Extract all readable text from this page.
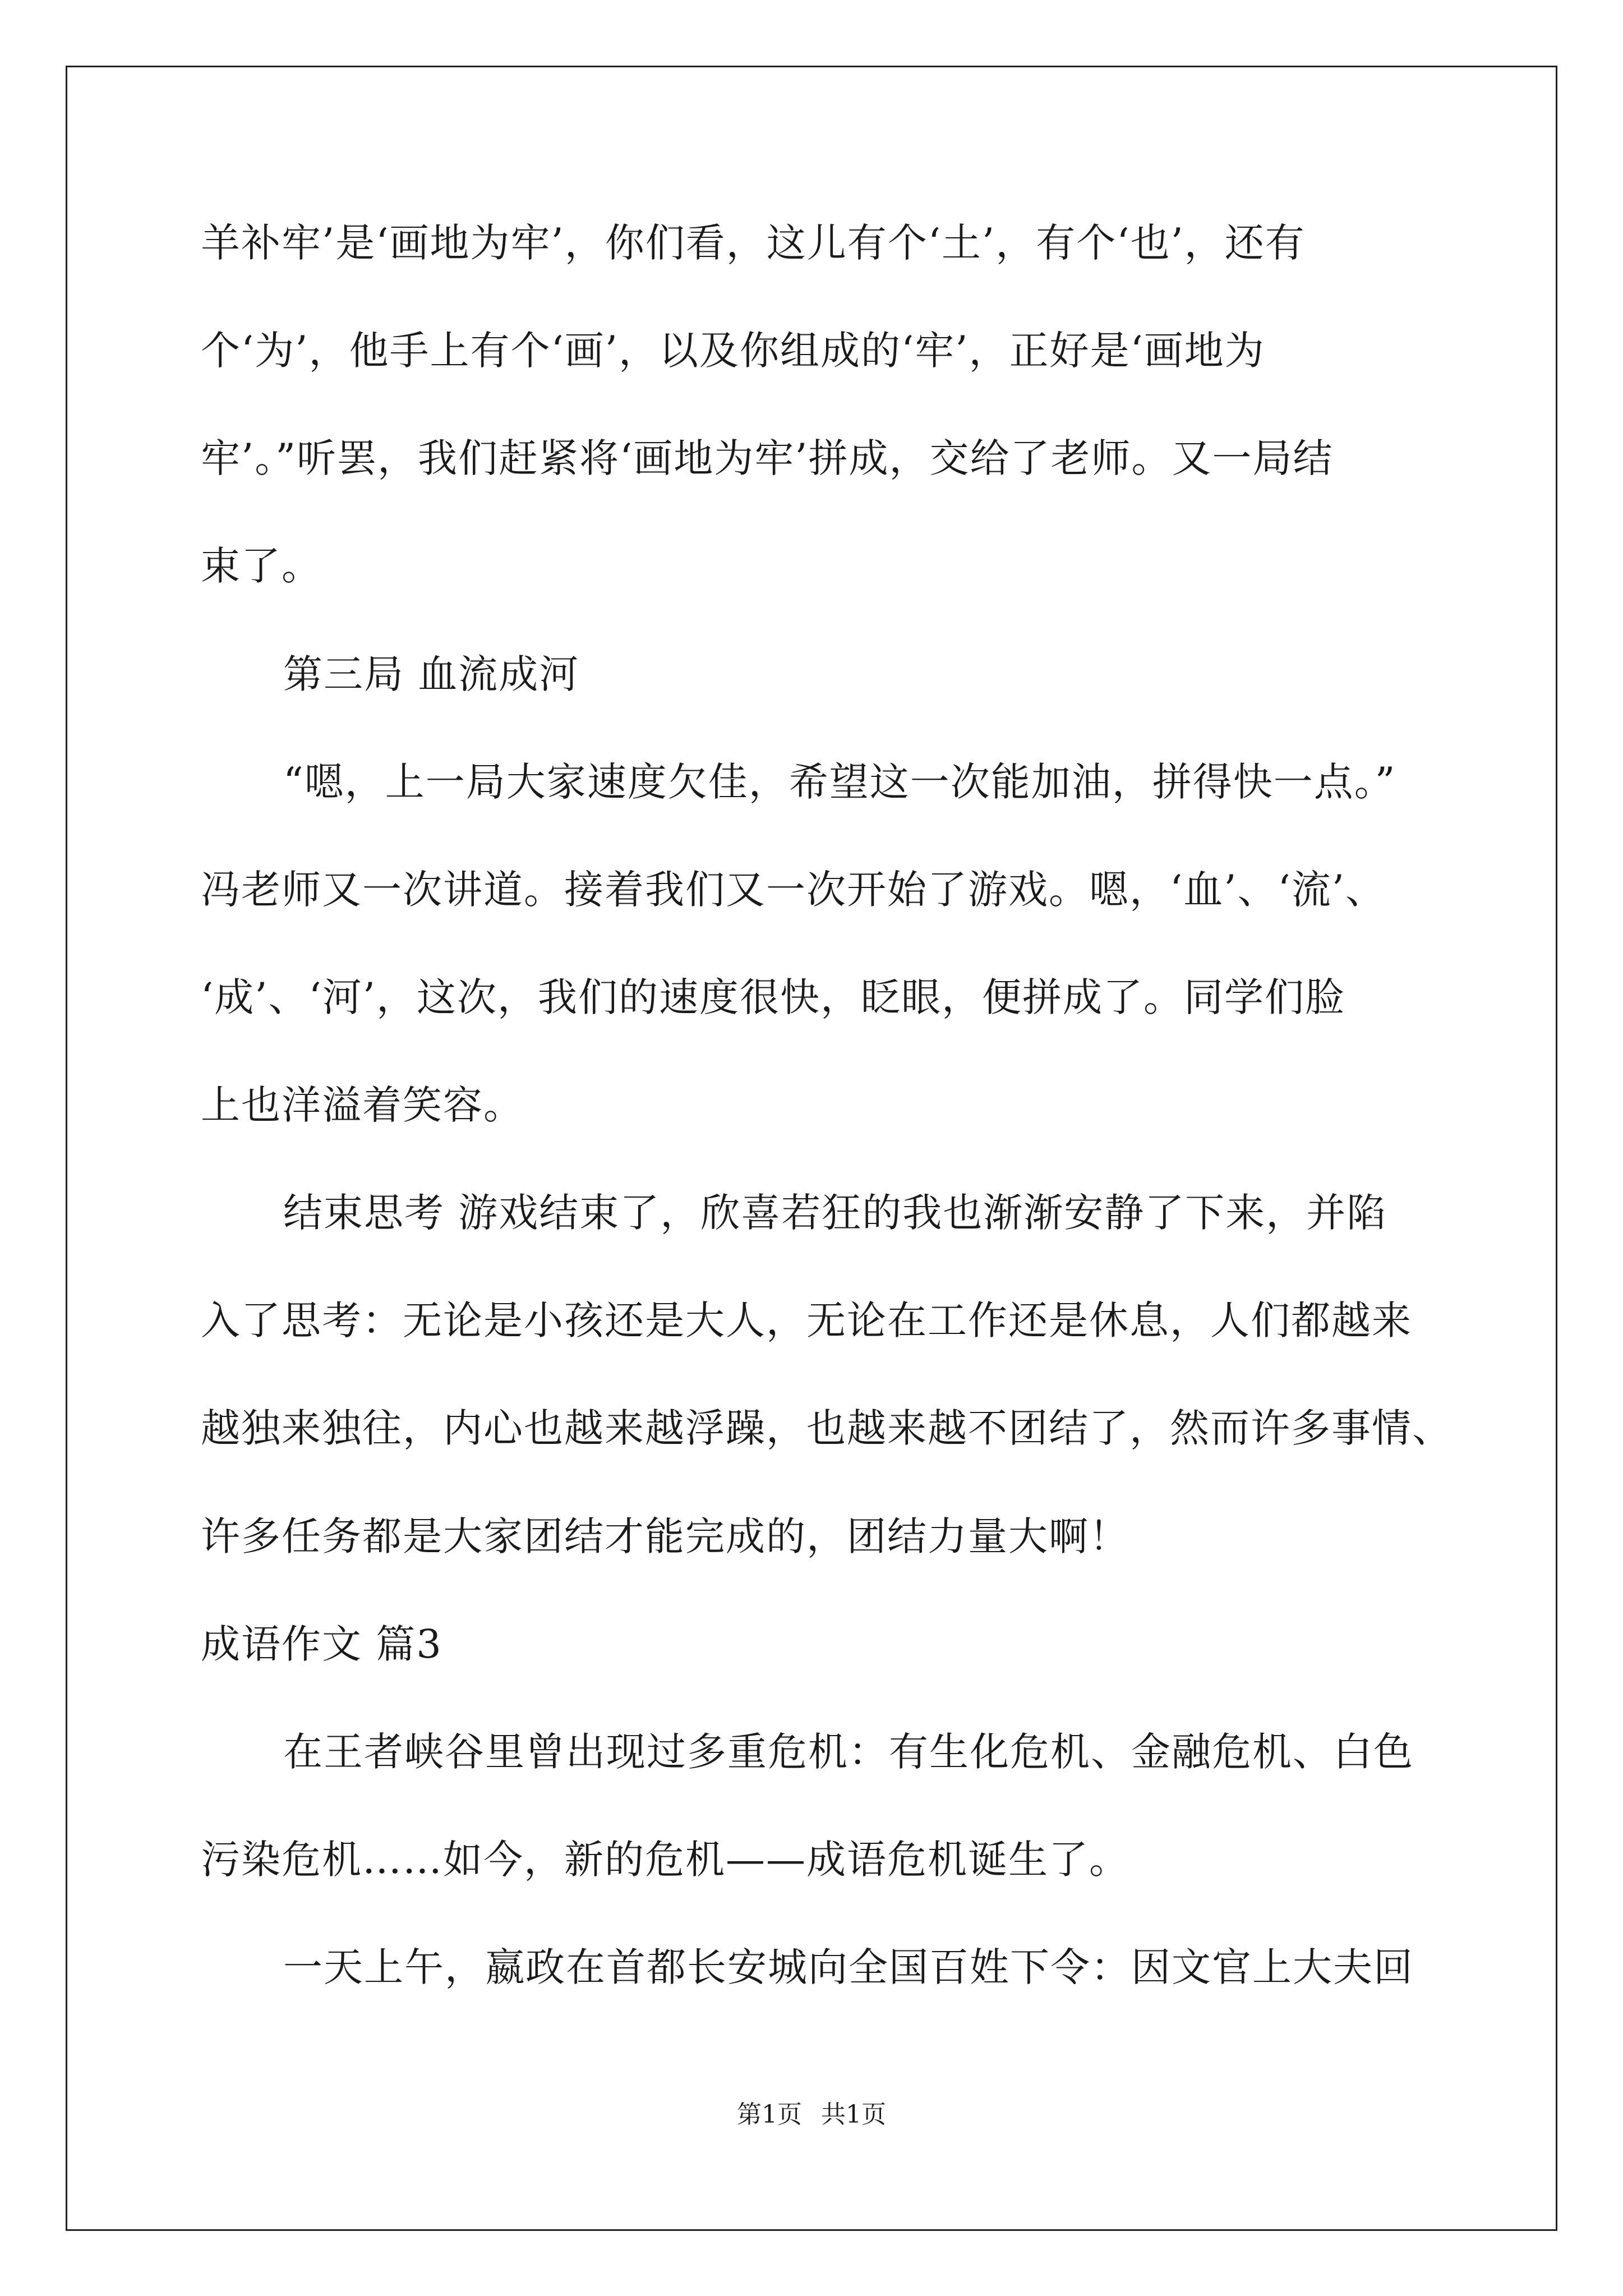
羊补牢’是‘画地为牢’，你们看，这儿有个‘土’，有个‘也’，还有
个‘为’，他手上有个‘画’，以及你组成的‘牢’，正好是‘画地为
牢’。”听罢，我们赶紧将‘画地为牢’拼成，交给了老师。又一局结
束了。
第三局 血流成河
“嗯，上一局大家速度欠佳，希望这一次能加油，拼得快一点。”
冯老师又一次讲道。接着我们又一次开始了游戏。嗯，‘血’、‘流’、
‘成’、‘河’，这次，我们的速度很快，眨眼，便拼成了。同学们脸
上也洋溢着笑容。
结束思考 游戏结束了，欣喜若狂的我也渐渐安静了下来，并陷
入了思考：无论是小孩还是大人，无论在工作还是休息，人们都越来
越独来独往，内心也越来越浮躁，也越来越不团结了，然而许多事情、
许多任务都是大家团结才能完成的，团结力量大啊！
成语作文 篇3
在王者峡谷里曾出现过多重危机：有生化危机、金融危机、白色
污染危机……如今，新的危机——成语危机诞生了。
一天上午，嬴政在首都长安城向全国百姓下令：因文官上大夫回
第1页 共1页
